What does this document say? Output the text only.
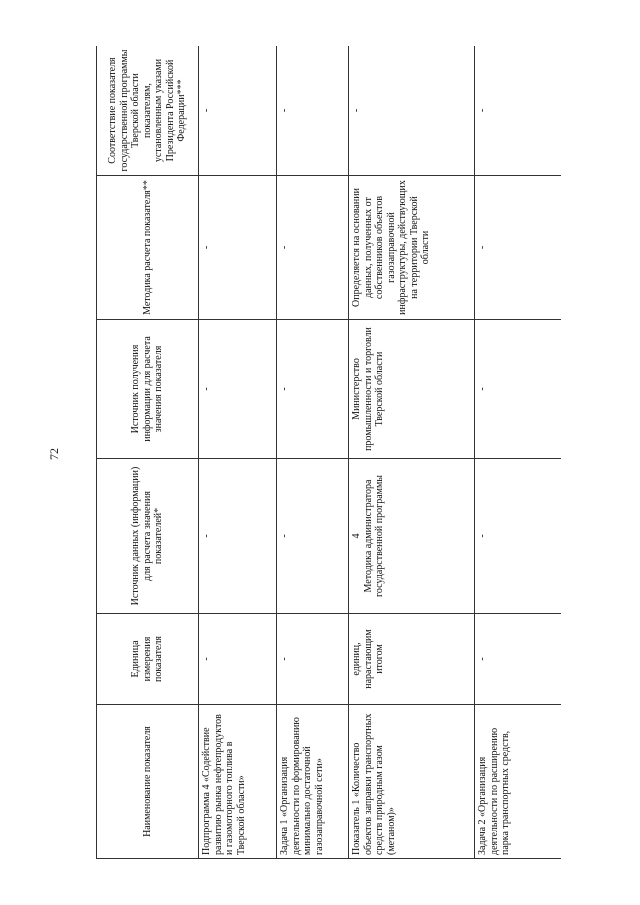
72
Наименование показателя	Единица измерения показателя	Источник данных (информации) для расчета значения показателей*	Источник получения информации для расчета значения показателя	Методика расчета показателя**	Соответствие показателя государственной программы Тверской области показателям, установленным указами Президента Российской Федерации***
Подпрограмма 4 «Содействие развитию рынка нефтепродуктов и газомоторного топлива в Тверской области»	-	-	-	-	-
Задача 1 «Организация деятельности по формированию минимально достаточной газозаправочной сети»	-	-	-	-	-
Показатель 1 «Количество объектов заправки транспортных средств природным газом (метаном)»	единиц, нарастающим итогом	4 Методика администратора государственной программы	Министерство промышленности и торговли Тверской области	Определяется на основании данных, полученных от собственников объектов газозаправочной инфраструктуры, действующих на территории Тверской области	-
Задача 2 «Организация деятельности по расширению парка транспортных средств,	-	-	-	-	-
